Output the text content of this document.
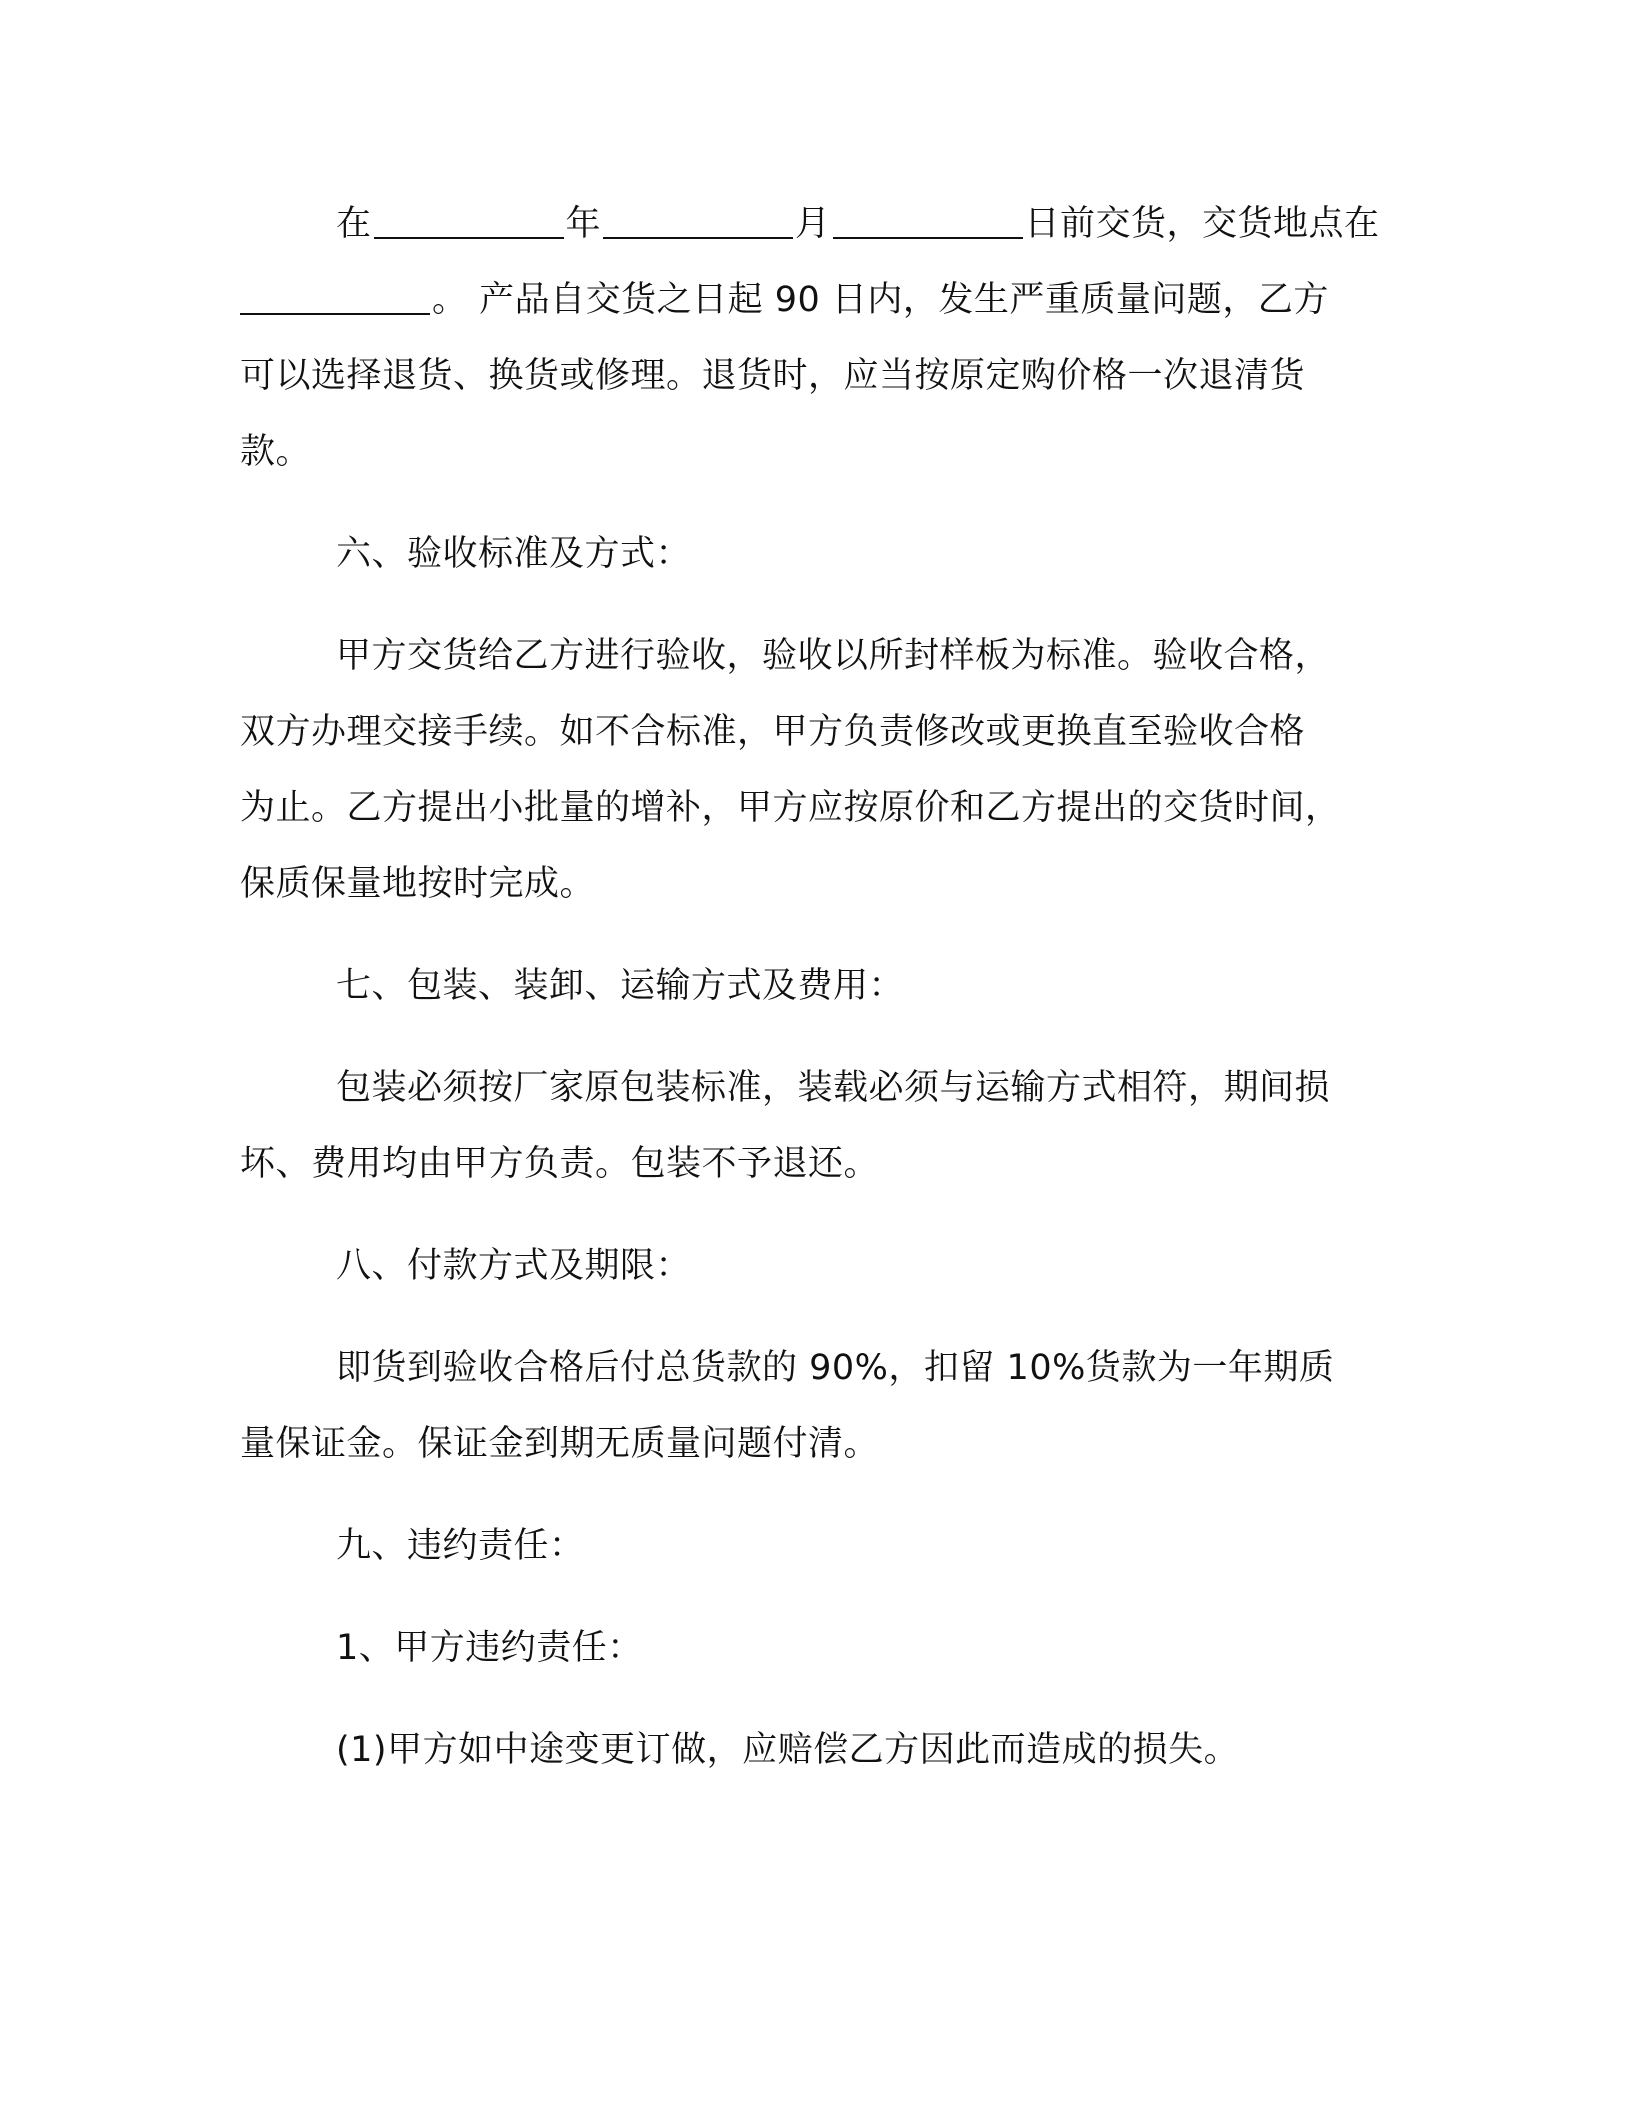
在	年	月	日前交货，交货地点在
。 产品自交货之日起 90 日内，发生严重质量问题，乙方
可以选择退货、换货或修理。退货时，应当按原定购价格一次退清货
款。

六、验收标准及方式：

甲方交货给乙方进行验收，验收以所封样板为标准。验收合格，
双方办理交接手续。如不合标准，甲方负责修改或更换直至验收合格
为止。乙方提出小批量的增补，甲方应按原价和乙方提出的交货时间，
保质保量地按时完成。

七、包装、装卸、运输方式及费用：

包装必须按厂家原包装标准，装载必须与运输方式相符，期间损
坏、费用均由甲方负责。包装不予退还。

八、付款方式及期限：

即货到验收合格后付总货款的 90%，扣留 10%货款为一年期质
量保证金。保证金到期无质量问题付清。

九、违约责任：

1、甲方违约责任：

(1)甲方如中途变更订做，应赔偿乙方因此而造成的损失。
